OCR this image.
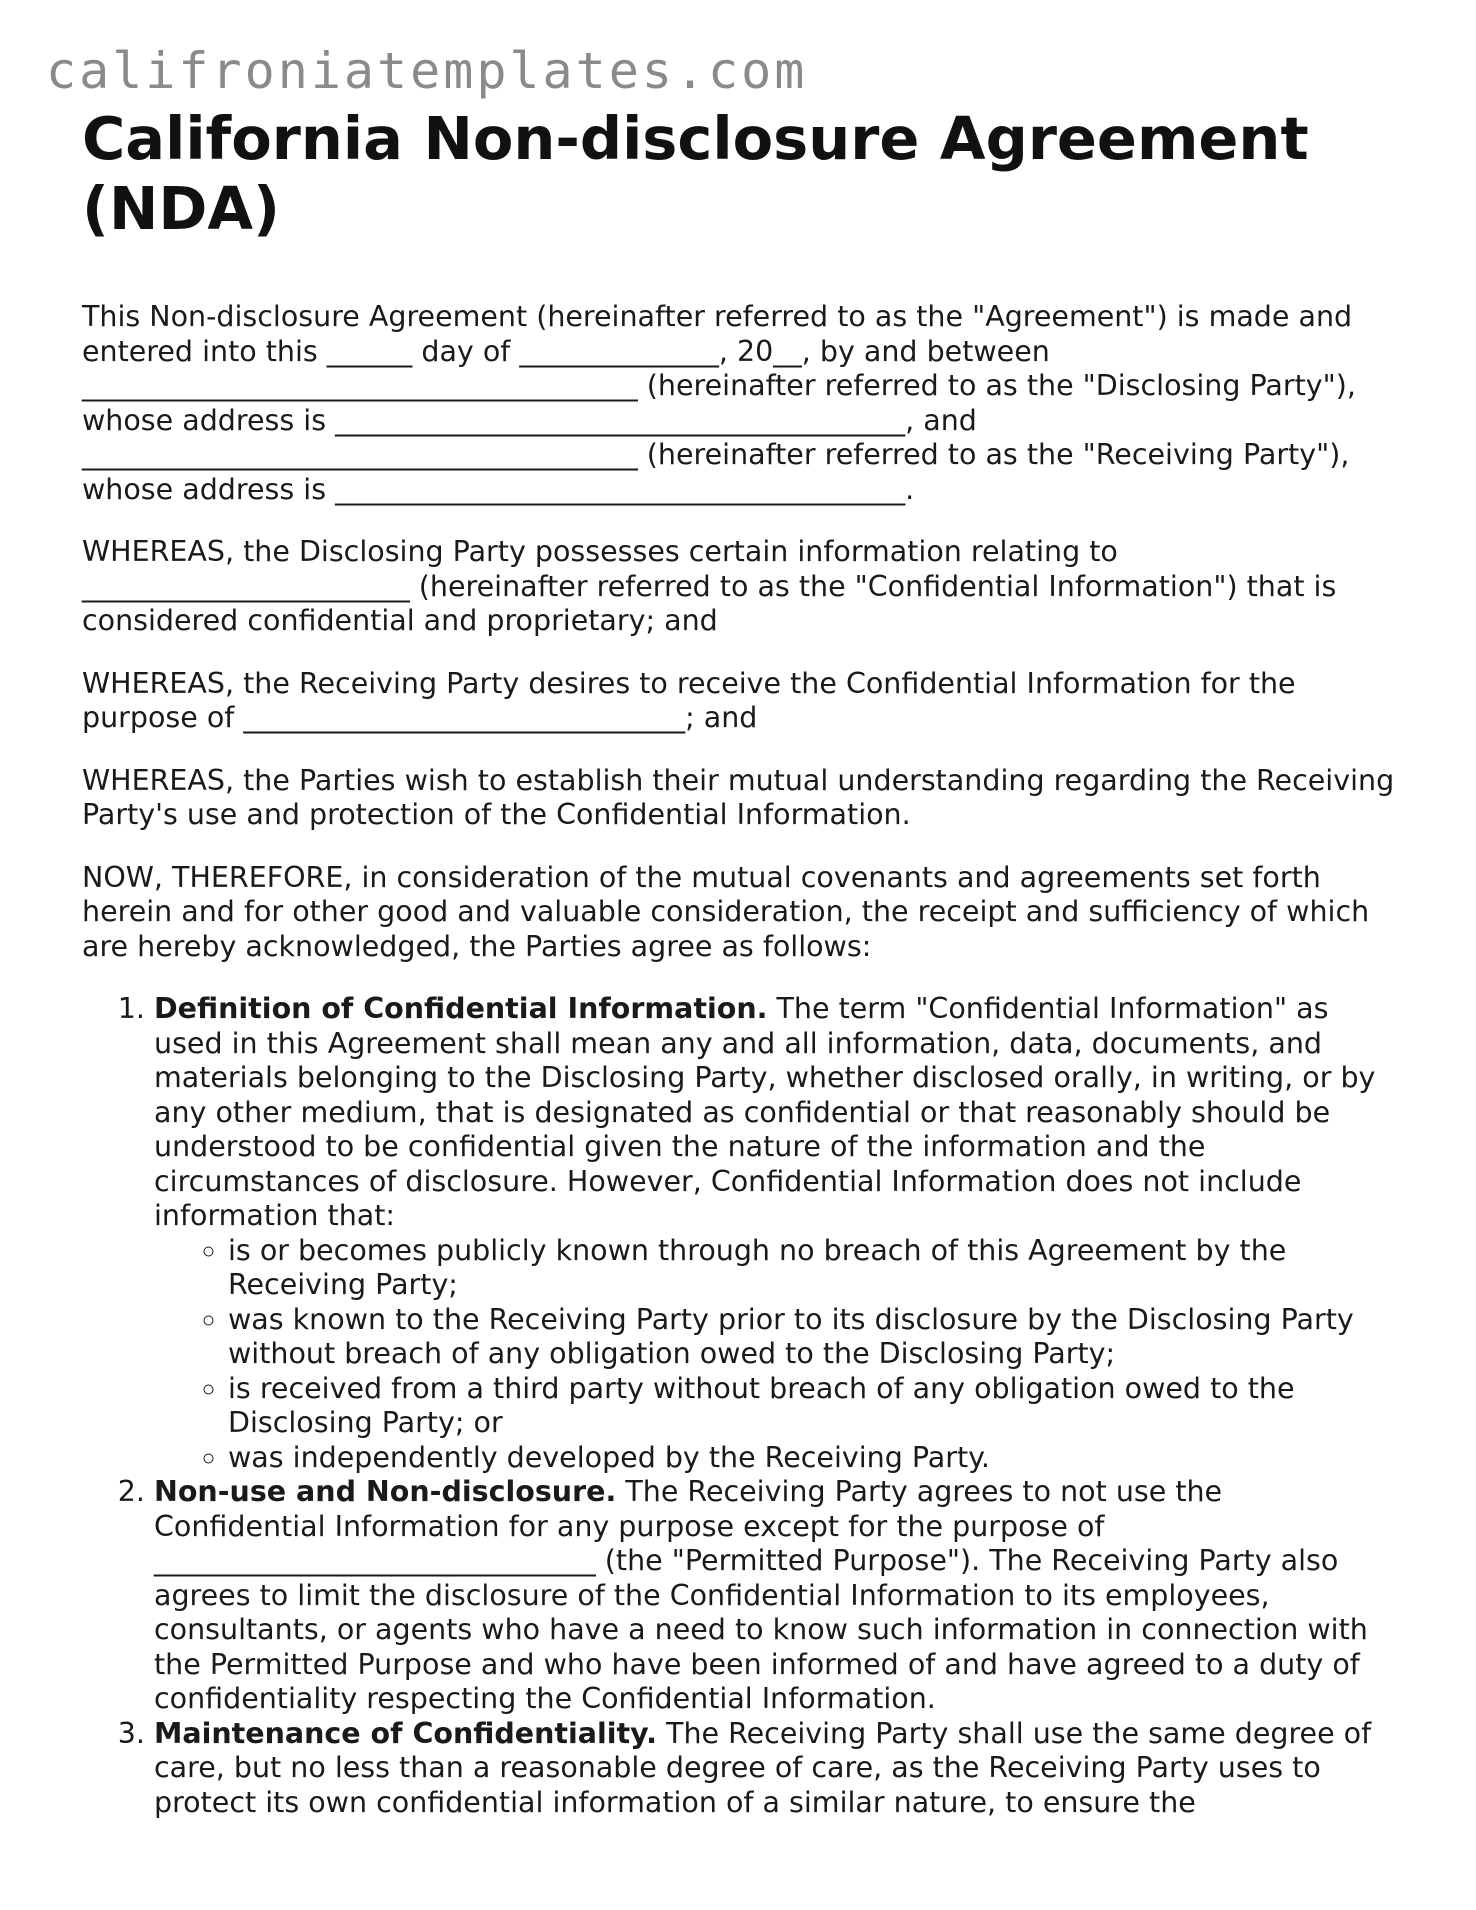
califroniatemplates.com
California Non-disclosure Agreement (NDA)

This Non-disclosure Agreement (hereinafter referred to as the "Agreement") is made and entered into this ______ day of ______________, 20__, by and between _______________________________________ (hereinafter referred to as the "Disclosing Party"), whose address is ________________________________________, and _______________________________________ (hereinafter referred to as the "Receiving Party"), whose address is ________________________________________.

WHEREAS, the Disclosing Party possesses certain information relating to _______________________ (hereinafter referred to as the "Confidential Information") that is considered confidential and proprietary; and

WHEREAS, the Receiving Party desires to receive the Confidential Information for the purpose of _______________________________; and

WHEREAS, the Parties wish to establish their mutual understanding regarding the Receiving Party's use and protection of the Confidential Information.

NOW, THEREFORE, in consideration of the mutual covenants and agreements set forth herein and for other good and valuable consideration, the receipt and sufficiency of which are hereby acknowledged, the Parties agree as follows:

1. Definition of Confidential Information. The term "Confidential Information" as used in this Agreement shall mean any and all information, data, documents, and materials belonging to the Disclosing Party, whether disclosed orally, in writing, or by any other medium, that is designated as confidential or that reasonably should be understood to be confidential given the nature of the information and the circumstances of disclosure. However, Confidential Information does not include information that:
◦ is or becomes publicly known through no breach of this Agreement by the Receiving Party;
◦ was known to the Receiving Party prior to its disclosure by the Disclosing Party without breach of any obligation owed to the Disclosing Party;
◦ is received from a third party without breach of any obligation owed to the Disclosing Party; or
◦ was independently developed by the Receiving Party.
2. Non-use and Non-disclosure. The Receiving Party agrees to not use the Confidential Information for any purpose except for the purpose of _______________________________ (the "Permitted Purpose"). The Receiving Party also agrees to limit the disclosure of the Confidential Information to its employees, consultants, or agents who have a need to know such information in connection with the Permitted Purpose and who have been informed of and have agreed to a duty of confidentiality respecting the Confidential Information.
3. Maintenance of Confidentiality. The Receiving Party shall use the same degree of care, but no less than a reasonable degree of care, as the Receiving Party uses to protect its own confidential information of a similar nature, to ensure the
